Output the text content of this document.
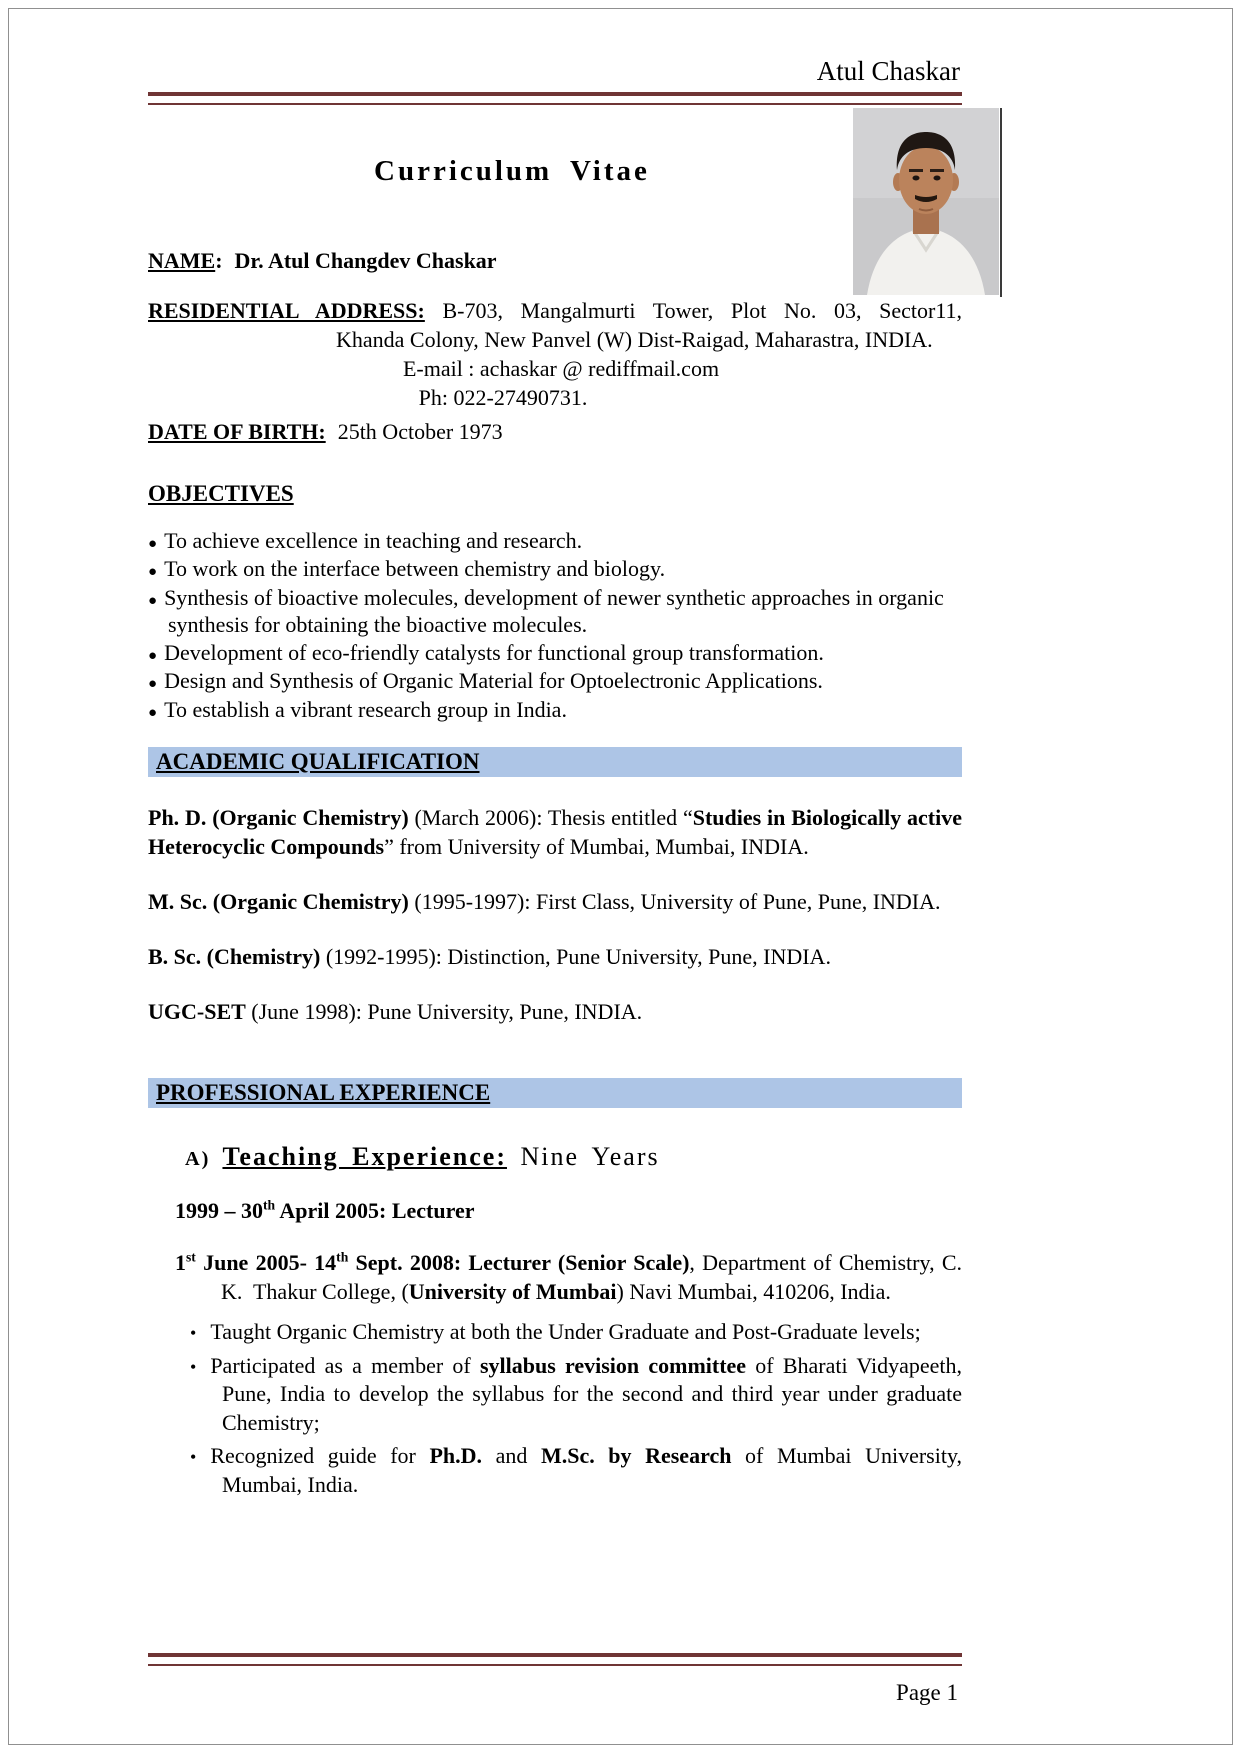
Atul Chaskar
Curriculum Vitae

NAME: Dr. Atul Changdev Chaskar

RESIDENTIAL ADDRESS: B-703, Mangalmurti Tower, Plot No. 03, Sector11,

Khanda Colony, New Panvel (W) Dist-Raigad, Maharastra, INDIA.

E-mail : achaskar @ rediffmail.com

Ph: 022-27490731.

DATE OF BIRTH: 25th October 1973

OBJECTIVES
● To achieve excellence in teaching and research.
● To work on the interface between chemistry and biology.
● Synthesis of bioactive molecules, development of newer synthetic approaches in organic synthesis for obtaining the bioactive molecules.
● Development of eco-friendly catalysts for functional group transformation.
● Design and Synthesis of Organic Material for Optoelectronic Applications.
● To establish a vibrant research group in India.
ACADEMIC QUALIFICATION

Ph. D. (Organic Chemistry) (March 2006): Thesis entitled “Studies in Biologically active Heterocyclic Compounds” from University of Mumbai, Mumbai, INDIA.

M. Sc. (Organic Chemistry) (1995-1997): First Class, University of Pune, Pune, INDIA.

B. Sc. (Chemistry) (1992-1995): Distinction, Pune University, Pune, INDIA.

UGC-SET (June 1998): Pune University, Pune, INDIA.

PROFESSIONAL EXPERIENCE

A) Teaching Experience: Nine Years

1999 – 30th April 2005: Lecturer

1st June 2005- 14th Sept. 2008: Lecturer (Senior Scale), Department of Chemistry, C. K.  Thakur College, (University of Mumbai) Navi Mumbai, 410206, India.

• Taught Organic Chemistry at both the Under Graduate and Post-Graduate levels;
• Participated as a member of syllabus revision committee of Bharati Vidyapeeth, Pune, India to develop the syllabus for the second and third year under graduate Chemistry;
• Recognized guide for Ph.D. and M.Sc. by Research of Mumbai University, Mumbai, India.
Page 1
